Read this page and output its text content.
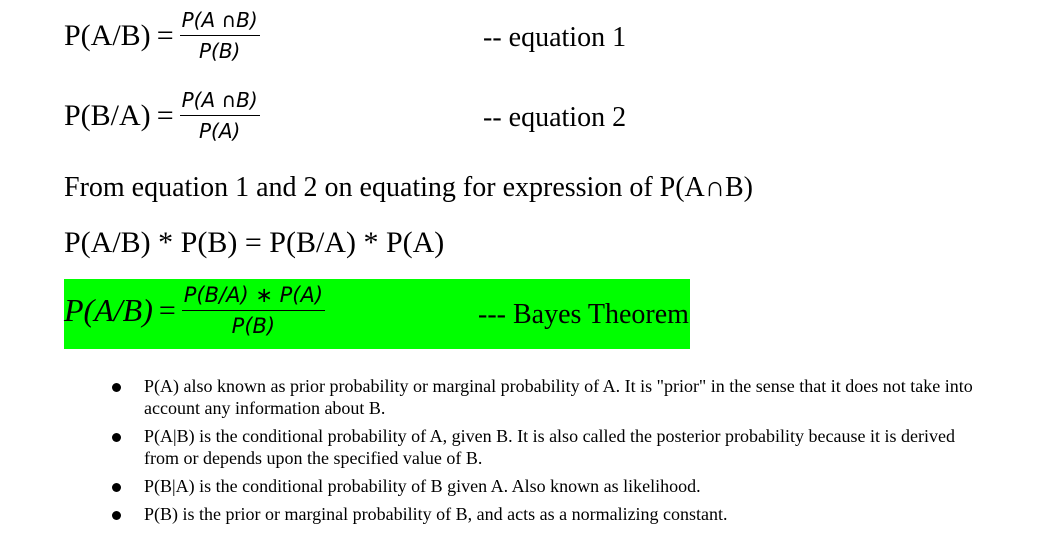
$P(A/B) = \frac{P(A \cap B)}{P(B)}$	-- equation 1
$P(B/A) = \frac{P(A \cap B)}{P(A)}$	-- equation 2
From equation 1 and 2 on equating for expression of P(A∩B)
P(A/B) * P(B) = P(B/A) * P(A)
$P(A/B) = \frac{P(B/A) ∗ P(A)}{P(B)}$	--- Bayes Theorem
P(A) also known as prior probability or marginal probability of A. It is "prior" in the sense that it does not take into account any information about B.
P(A|B) is the conditional probability of A, given B. It is also called the posterior probability because it is derived from or depends upon the specified value of B.
P(B|A) is the conditional probability of B given A. Also known as likelihood.
P(B) is the prior or marginal probability of B, and acts as a normalizing constant.
